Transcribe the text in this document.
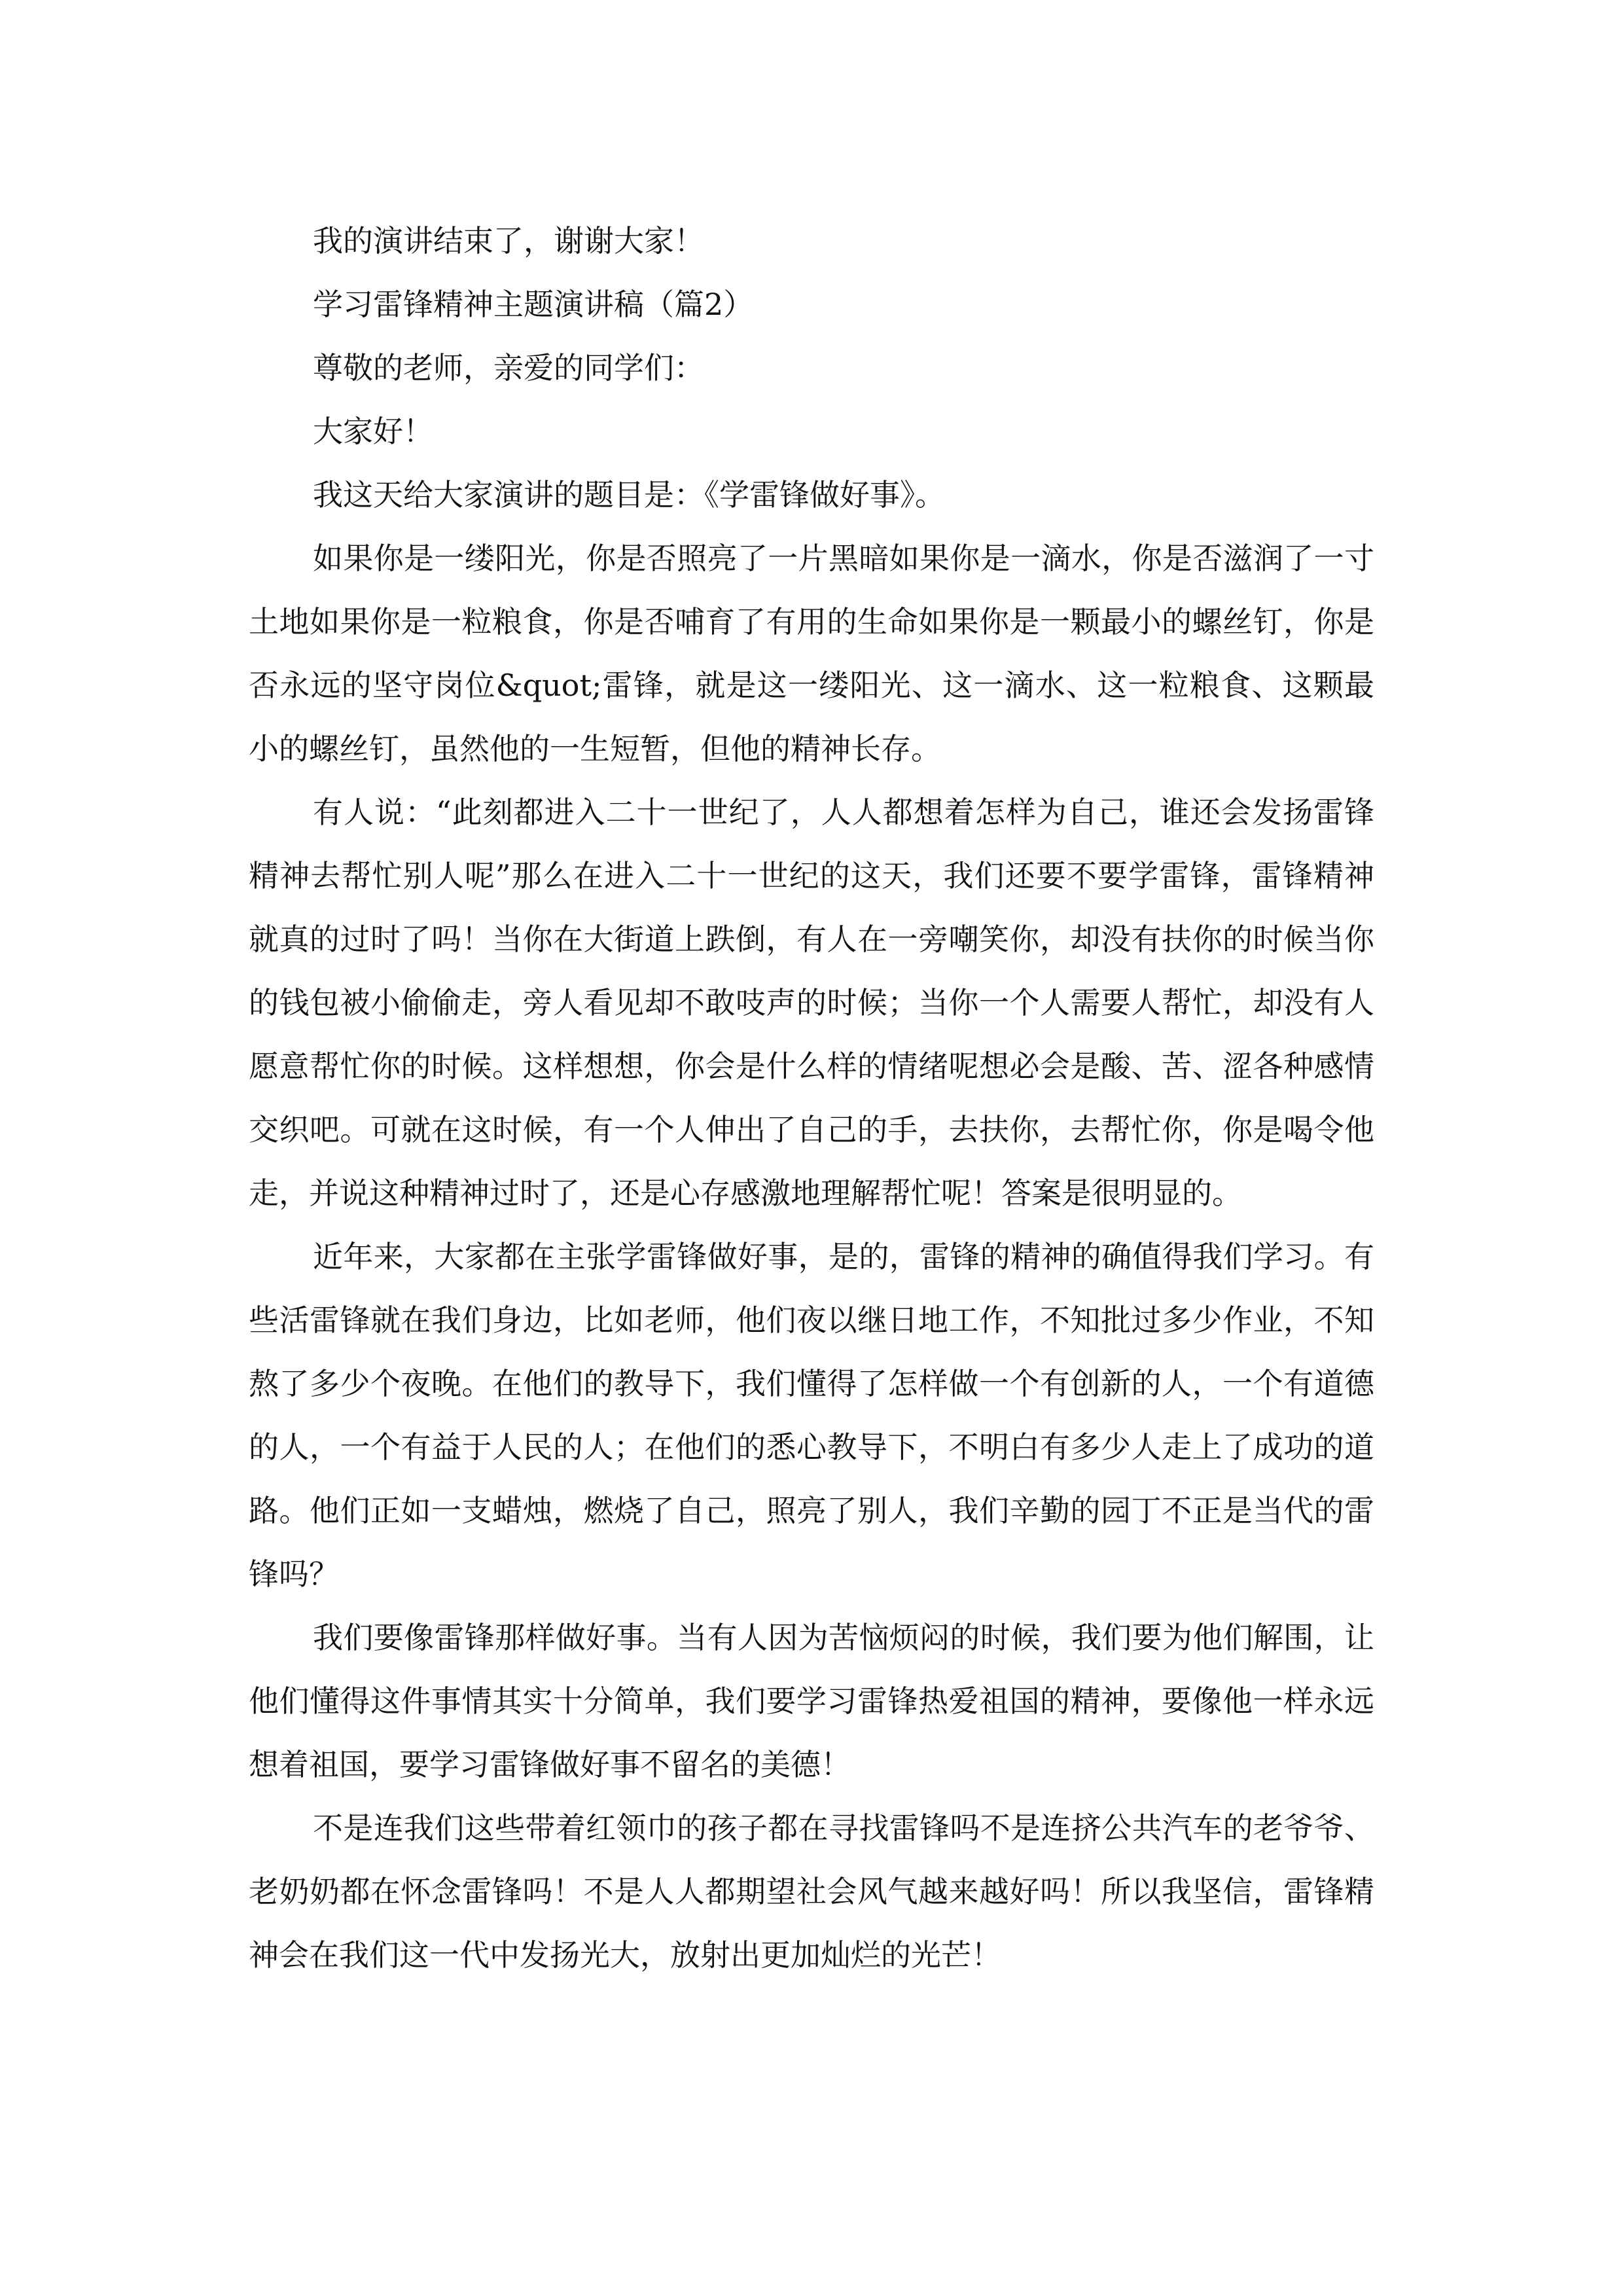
我的演讲结束了，谢谢大家！

学习雷锋精神主题演讲稿（篇2）

尊敬的老师，亲爱的同学们：

大家好！

我这天给大家演讲的题目是：《学雷锋做好事》。

如果你是一缕阳光，你是否照亮了一片黑暗如果你是一滴水，你是否滋润了一寸土地如果你是一粒粮食，你是否哺育了有用的生命如果你是一颗最小的螺丝钉，你是否永远的坚守岗位&quot;雷锋，就是这一缕阳光、这一滴水、这一粒粮食、这颗最小的螺丝钉，虽然他的一生短暂，但他的精神长存。

有人说：“此刻都进入二十一世纪了，人人都想着怎样为自己，谁还会发扬雷锋精神去帮忙别人呢”那么在进入二十一世纪的这天，我们还要不要学雷锋，雷锋精神就真的过时了吗！当你在大街道上跌倒，有人在一旁嘲笑你，却没有扶你的时候当你的钱包被小偷偷走，旁人看见却不敢吱声的时候；当你一个人需要人帮忙，却没有人愿意帮忙你的时候。这样想想，你会是什么样的情绪呢想必会是酸、苦、涩各种感情交织吧。可就在这时候，有一个人伸出了自己的手，去扶你，去帮忙你，你是喝令他走，并说这种精神过时了，还是心存感激地理解帮忙呢！答案是很明显的。

近年来，大家都在主张学雷锋做好事，是的，雷锋的精神的确值得我们学习。有些活雷锋就在我们身边，比如老师，他们夜以继日地工作，不知批过多少作业，不知熬了多少个夜晚。在他们的教导下，我们懂得了怎样做一个有创新的人，一个有道德的人，一个有益于人民的人；在他们的悉心教导下，不明白有多少人走上了成功的道路。他们正如一支蜡烛，燃烧了自己，照亮了别人，我们辛勤的园丁不正是当代的雷锋吗？

我们要像雷锋那样做好事。当有人因为苦恼烦闷的时候，我们要为他们解围，让他们懂得这件事情其实十分简单，我们要学习雷锋热爱祖国的精神，要像他一样永远想着祖国，要学习雷锋做好事不留名的美德！

不是连我们这些带着红领巾的孩子都在寻找雷锋吗不是连挤公共汽车的老爷爷、老奶奶都在怀念雷锋吗！不是人人都期望社会风气越来越好吗！所以我坚信，雷锋精神会在我们这一代中发扬光大，放射出更加灿烂的光芒！
